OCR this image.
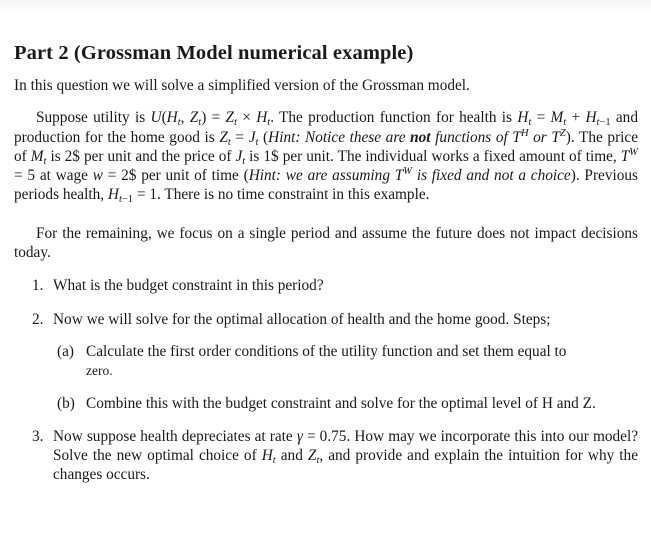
Part 2 (Grossman Model numerical example)

In this question we will solve a simplified version of the Grossman model.

Suppose utility is $U(H_t$, $Z_t) = Z_t \times H_t$. The production function for health is $H_t = M_t + H_{t-1}$ and production for the home good is $Z_t = J_t$ (Hint: Notice these are not functions of $T^H$ or $T^Z$). The price of $M_t$ is 2$ per unit and the price of $J_t$ is 1$ per unit. The individual works a fixed amount of time, $T^W = 5$ at wage w = 2$ per unit of time (Hint: we are assuming $T^W$ is fixed and not a choice). Previous periods health, $H_{t-1} = 1$. There is no time constraint in this example.

For the remaining, we focus on a single period and assume the future does not impact decisions today.

1. What is the budget constraint in this period?
2. Now we will solve for the optimal allocation of health and the home good. Steps;
(a) Calculate the first order conditions of the utility function and set them equal to
zero.
(b) Combine this with the budget constraint and solve for the optimal level of H and Z.
3. Now suppose health depreciates at rate γ = 0.75. How may we incorporate this into our model? Solve the new optimal choice of $H_t$ and $Z_t$, and provide and explain the intuition for why the changes occurs.
